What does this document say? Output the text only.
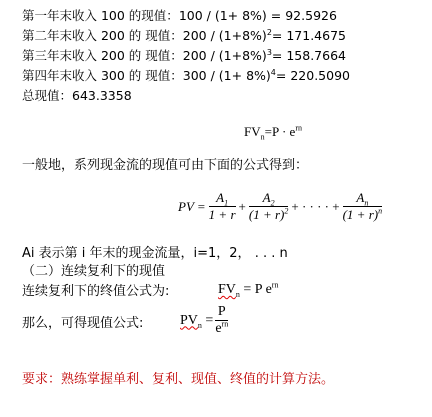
第一年末收入 100 的现值：100 / (1+ 8%) = 92.5926
第二年末收入 200 的 现值：$200 / (1+8\%)^2= 171.4675$
第三年末收入 200 的 现值：$200 / (1+8\%)^3= 158.7664$
第四年末收入 300 的 现值：$300 / (1+ 8\%)^4= 220.5090$
总现值：643.3358
$FV_n=P \cdot e^{rn}$
一般地，系列现金流的现值可由下面的公式得到：
PV = $\frac{A_1}{1 + r} + \frac{A_2}{(1 + r)^2}$ + · · · · + $\frac{A_n}{(1 + r)^n}$
Ai 表示第 i 年末的现金流量，i=1，2， . . . n
（二）连续复利下的现值
连续复利下的终值公式为:	$FV_n = P$ $e^{rn}$
那么，可得现值公式:	$PV_n = \frac{P}{e^{rn}}$
要求：熟练掌握单利、复利、现值、终值的计算方法。
